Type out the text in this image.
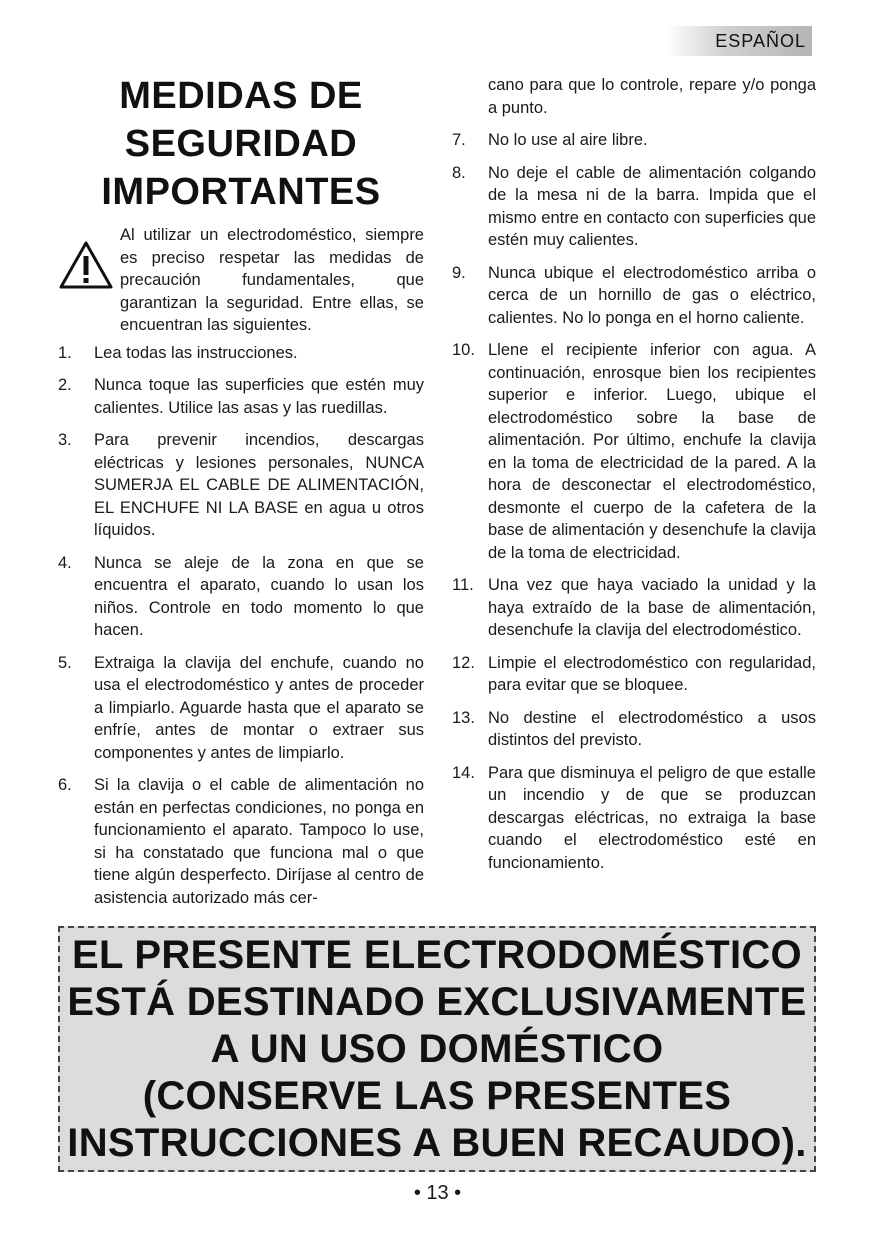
ESPAÑOL
MEDIDAS DE
SEGURIDAD
IMPORTANTES
Al utilizar un electrodoméstico, siempre es preciso respetar las medidas de precaución fundamentales, que garantizan la seguridad. Entre ellas, se encuentran las siguientes.
1.	Lea todas las instrucciones.
2.	Nunca toque las superficies que estén muy calientes. Utilice las asas y las ruedillas.
3.	Para prevenir incendios, descargas eléctricas y lesiones personales, NUNCA SUMERJA EL CABLE DE ALIMENTACIÓN, EL ENCHUFE NI LA BASE en agua u otros líquidos.
4.	Nunca se aleje de la zona en que se encuentra el aparato, cuando lo usan los niños. Controle en todo momento lo que hacen.
5.	Extraiga la clavija del enchufe, cuando no usa el electrodoméstico y antes de proceder a limpiarlo. Aguarde hasta que el aparato se enfríe, antes de montar o extraer sus componentes y antes de limpiarlo.
6.	Si la clavija o el cable de alimentación no están en perfectas condiciones, no ponga en funcionamiento el aparato. Tampoco lo use, si ha constatado que funciona mal o que tiene algún desperfecto. Diríjase al centro de asistencia autorizado más cer-
cano para que lo controle, repare y/o ponga a punto.
7.	No lo use al aire libre.
8.	No deje el cable de alimentación colgando de la mesa ni de la barra. Impida que el mismo entre en contacto con superficies que estén muy calientes.
9.	Nunca ubique el electrodoméstico arriba o cerca de un hornillo de gas o eléctrico, calientes. No lo ponga en el horno caliente.
10. Llene el recipiente inferior con agua. A continuación, enrosque bien los recipientes superior e inferior. Luego, ubique el electrodoméstico sobre la base de alimentación. Por último, enchufe la clavija en la toma de electricidad de la pared. A la hora de desconectar el electrodoméstico, desmonte el cuerpo de la cafetera de la base de alimentación y desenchufe la clavija de la toma de electricidad.
11. Una vez que haya vaciado la unidad y la haya extraído de la base de alimentación, desenchufe la clavija del electrodoméstico.
12. Limpie el electrodoméstico con regularidad, para evitar que se bloquee.
13. No destine el electrodoméstico a usos distintos del previsto.
14. Para que disminuya el peligro de que estalle un incendio y de que se produzcan descargas eléctricas, no extraiga la base cuando el electrodoméstico esté en funcionamiento.
EL PRESENTE ELECTRODOMÉSTICO
ESTÁ DESTINADO EXCLUSIVAMENTE
A UN USO DOMÉSTICO
(CONSERVE LAS PRESENTES
INSTRUCCIONES A BUEN RECAUDO).
• 13 •
